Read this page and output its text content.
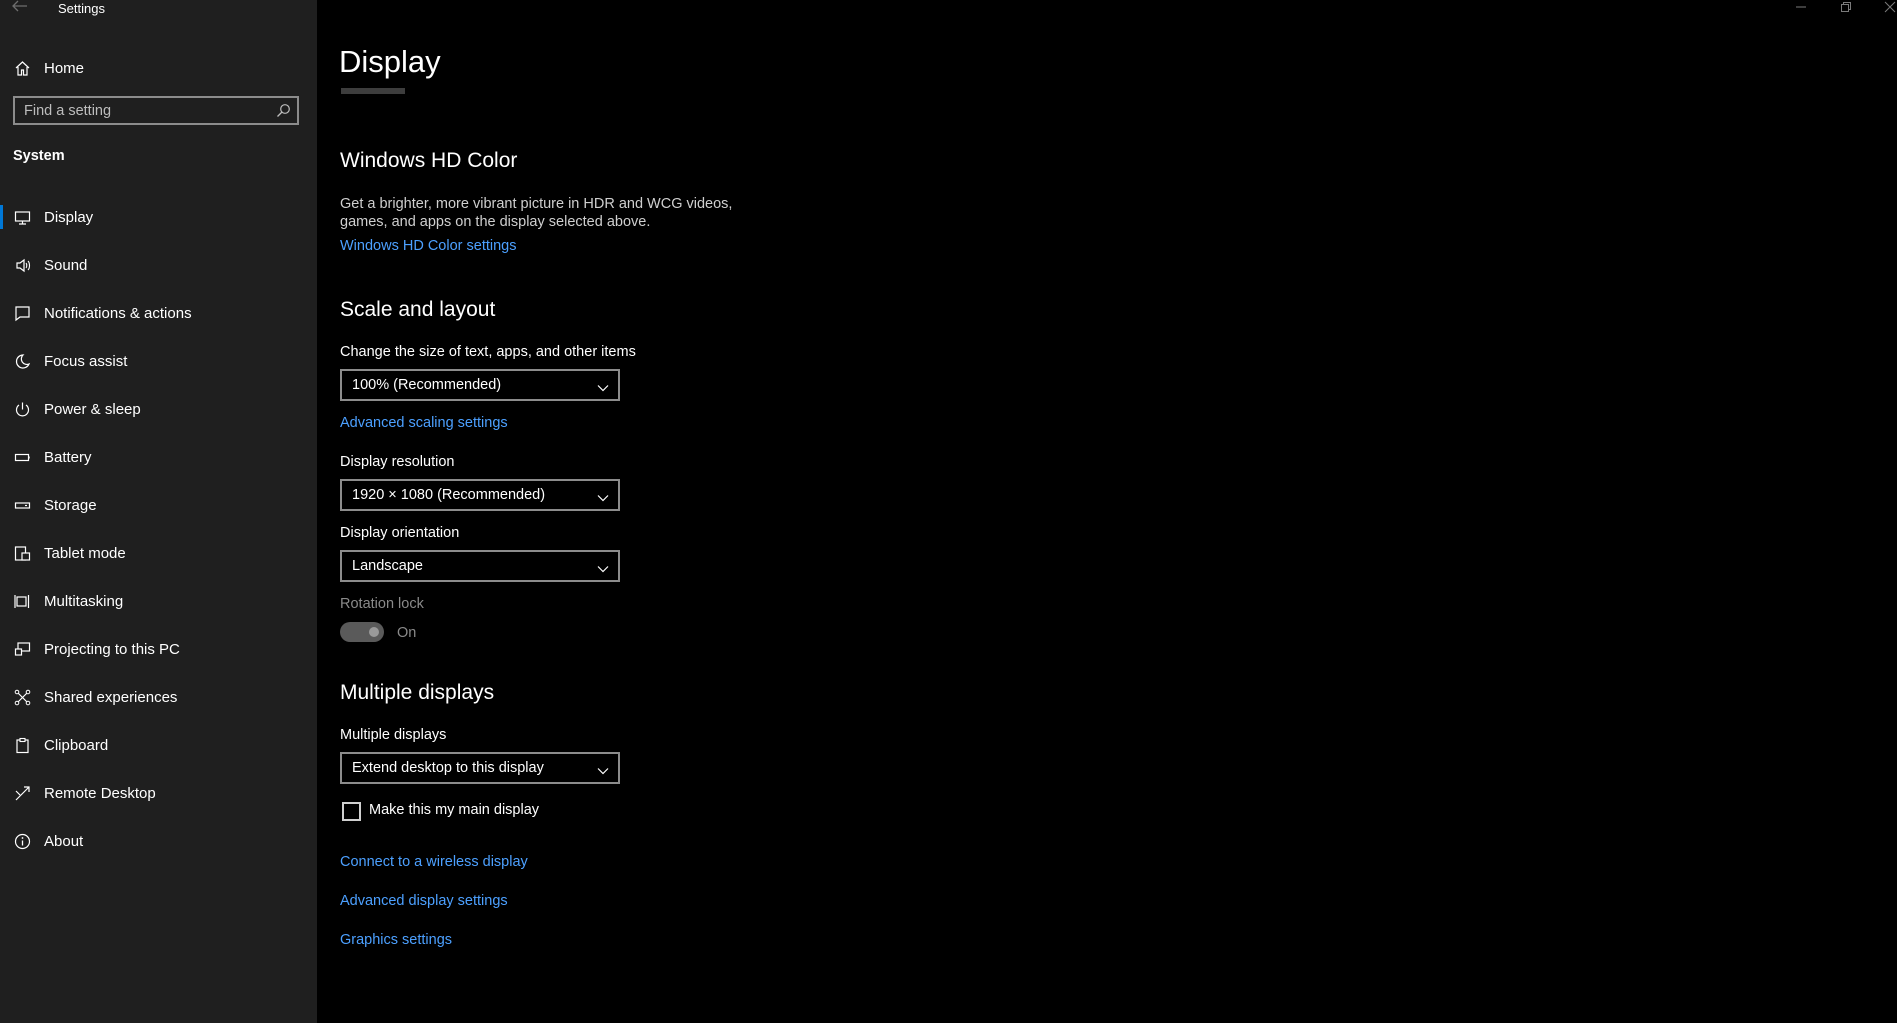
Settings
Home
Find a setting
System
Display
Sound
Notifications & actions
Focus assist
Power & sleep
Battery
Storage
Tablet mode
Multitasking
Projecting to this PC
Shared experiences
Clipboard
Remote Desktop
About
Display
Windows HD Color
Get a brighter, more vibrant picture in HDR and WCG videos, games, and apps on the display selected above.
Windows HD Color settings
Scale and layout
Change the size of text, apps, and other items
100% (Recommended)
Advanced scaling settings
Display resolution
1920 × 1080 (Recommended)
Display orientation
Landscape
Rotation lock
On
Multiple displays
Multiple displays
Extend desktop to this display
Make this my main display
Connect to a wireless display
Advanced display settings
Graphics settings
